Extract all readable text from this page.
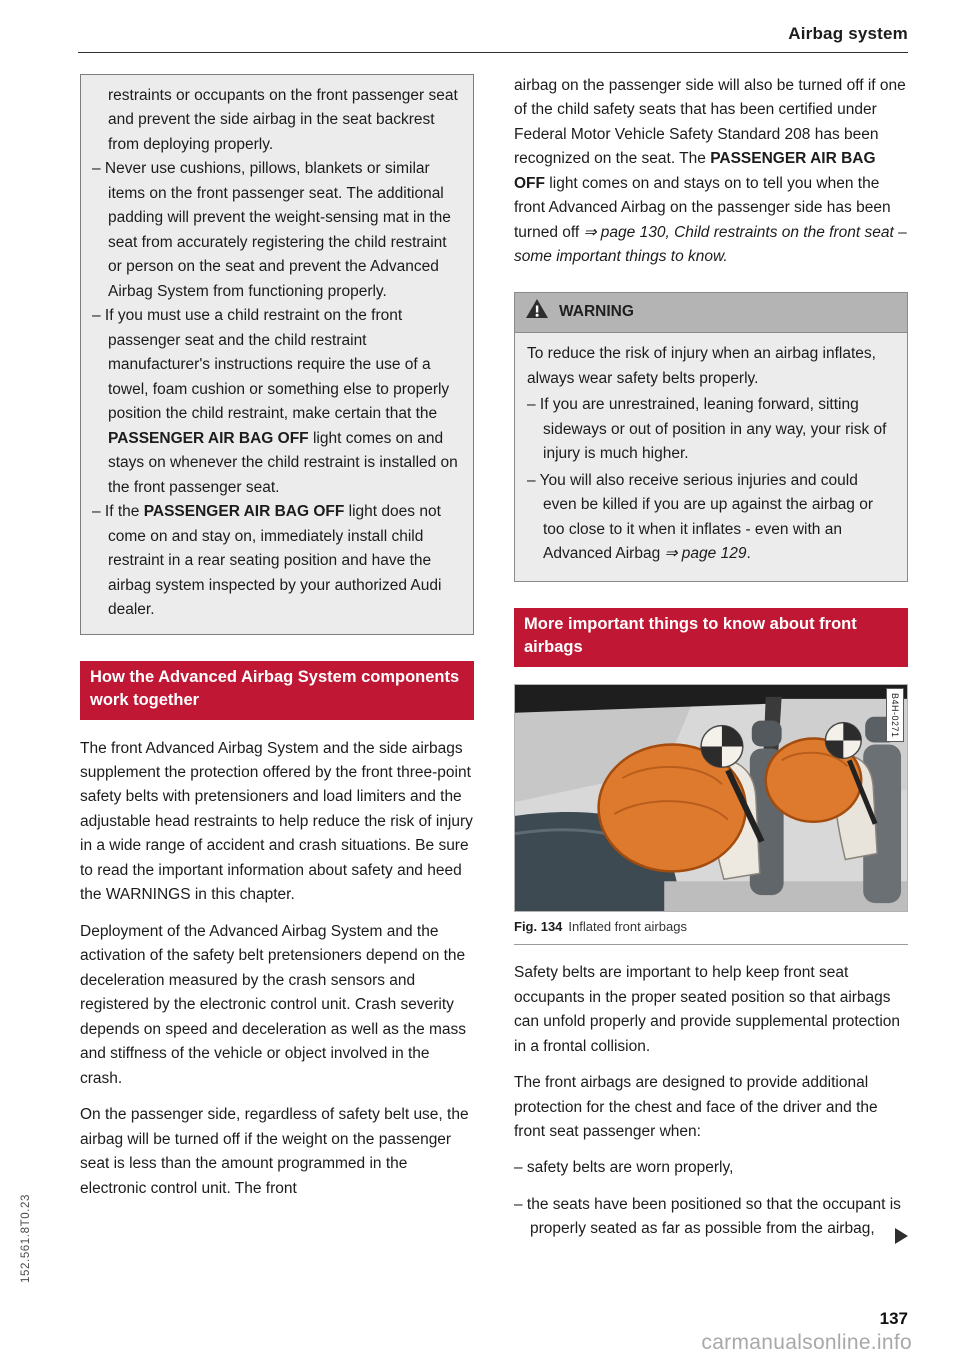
Airbag system

restraints or occupants on the front passenger seat and prevent the side airbag in the seat backrest from deploying properly.

– Never use cushions, pillows, blankets or similar items on the front passenger seat. The additional padding will prevent the weight-sensing mat in the seat from accurately registering the child restraint or person on the seat and prevent the Advanced Airbag System from functioning properly.

– If you must use a child restraint on the front passenger seat and the child restraint manufacturer's instructions require the use of a towel, foam cushion or something else to properly position the child restraint, make certain that the PASSENGER AIR BAG OFF light comes on and stays on whenever the child restraint is installed on the front passenger seat.

– If the PASSENGER AIR BAG OFF light does not come on and stay on, immediately install child restraint in a rear seating position and have the airbag system inspected by your authorized Audi dealer.

How the Advanced Airbag System components work together

The front Advanced Airbag System and the side airbags supplement the protection offered by the front three-point safety belts with pretensioners and load limiters and the adjustable head restraints to help reduce the risk of injury in a wide range of accident and crash situations. Be sure to read the important information about safety and heed the WARNINGS in this chapter.

Deployment of the Advanced Airbag System and the activation of the safety belt pretensioners depend on the deceleration measured by the crash sensors and registered by the electronic control unit. Crash severity depends on speed and deceleration as well as the mass and stiffness of the vehicle or object involved in the crash.

On the passenger side, regardless of safety belt use, the airbag will be turned off if the weight on the passenger seat is less than the amount programmed in the electronic control unit. The front

airbag on the passenger side will also be turned off if one of the child safety seats that has been certified under Federal Motor Vehicle Safety Standard 208 has been recognized on the seat. The PASSENGER AIR BAG OFF light comes on and stays on to tell you when the front Advanced Airbag on the passenger side has been turned off ⇒ page 130, Child restraints on the front seat – some important things to know.

WARNING

To reduce the risk of injury when an airbag inflates, always wear safety belts properly.

– If you are unrestrained, leaning forward, sitting sideways or out of position in any way, your risk of injury is much higher.

– You will also receive serious injuries and could even be killed if you are up against the airbag or too close to it when it inflates - even with an Advanced Airbag ⇒ page 129.

More important things to know about front airbags
B4H-0271
Fig. 134 Inflated front airbags

Safety belts are important to help keep front seat occupants in the proper seated position so that airbags can unfold properly and provide supplemental protection in a frontal collision.

The front airbags are designed to provide additional protection for the chest and face of the driver and the front seat passenger when:

– safety belts are worn properly,

– the seats have been positioned so that the occupant is properly seated as far as possible from the airbag,

152.561.8T0.23
137
carmanualsonline.info
